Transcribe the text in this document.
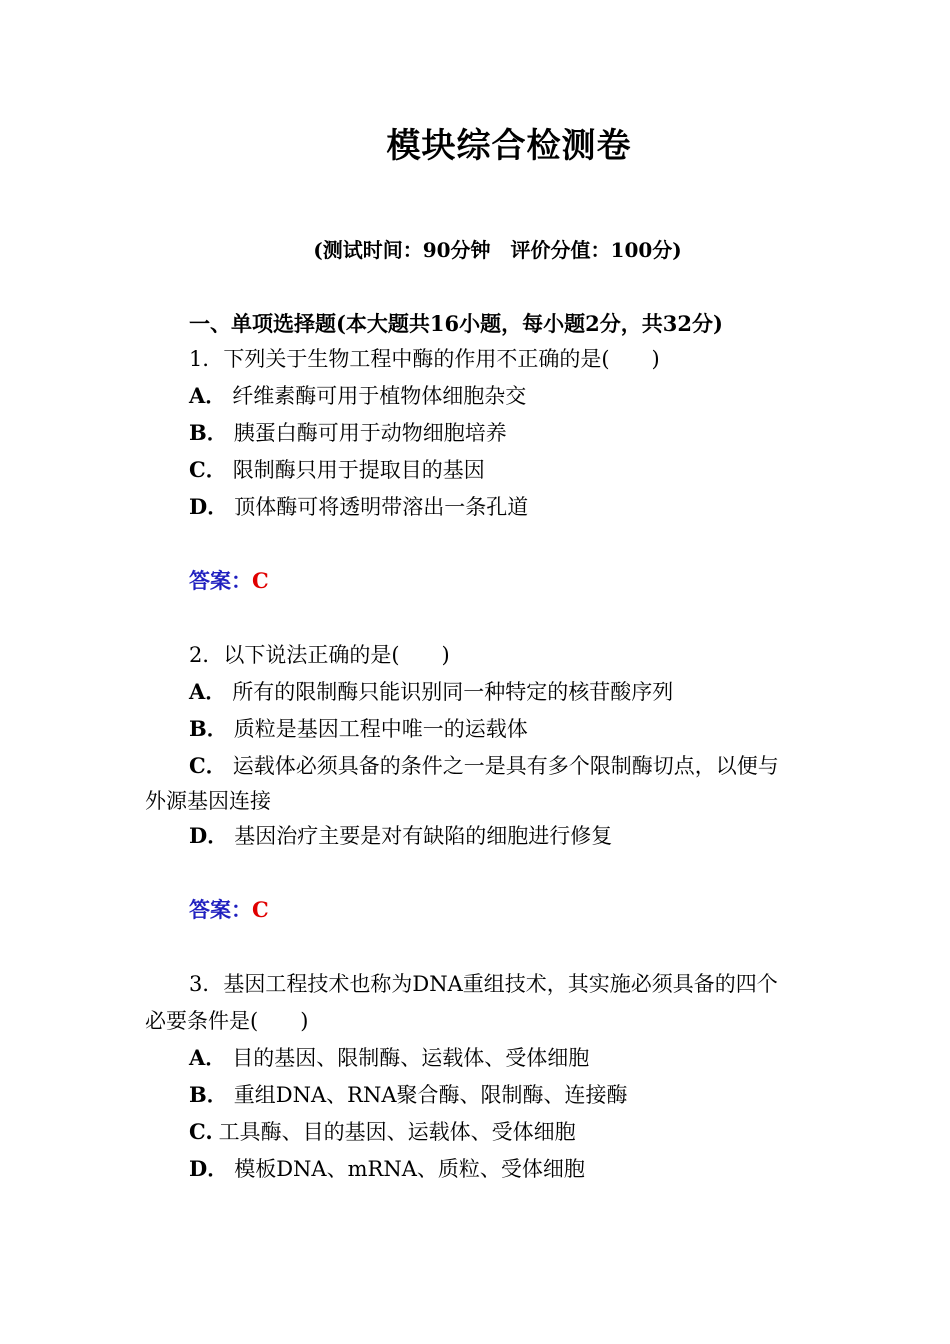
模块综合检测卷
(测试时间：90分钟　评价分值：100分)
一、单项选择题(本大题共16小题，每小题2分，共32分)
1．下列关于生物工程中酶的作用不正确的是(　　)
A． 纤维素酶可用于植物体细胞杂交
B． 胰蛋白酶可用于动物细胞培养
C． 限制酶只用于提取目的基因
D． 顶体酶可将透明带溶出一条孔道
答案：C
2．以下说法正确的是(　　)
A． 所有的限制酶只能识别同一种特定的核苷酸序列
B． 质粒是基因工程中唯一的运载体
C． 运载体必须具备的条件之一是具有多个限制酶切点，以便与
外源基因连接
D． 基因治疗主要是对有缺陷的细胞进行修复
答案：C
3．基因工程技术也称为DNA重组技术，其实施必须具备的四个
必要条件是(　　)
A． 目的基因、限制酶、运载体、受体细胞
B． 重组DNA、RNA聚合酶、限制酶、连接酶
C. 工具酶、目的基因、运载体、受体细胞
D． 模板DNA、mRNA、质粒、受体细胞
